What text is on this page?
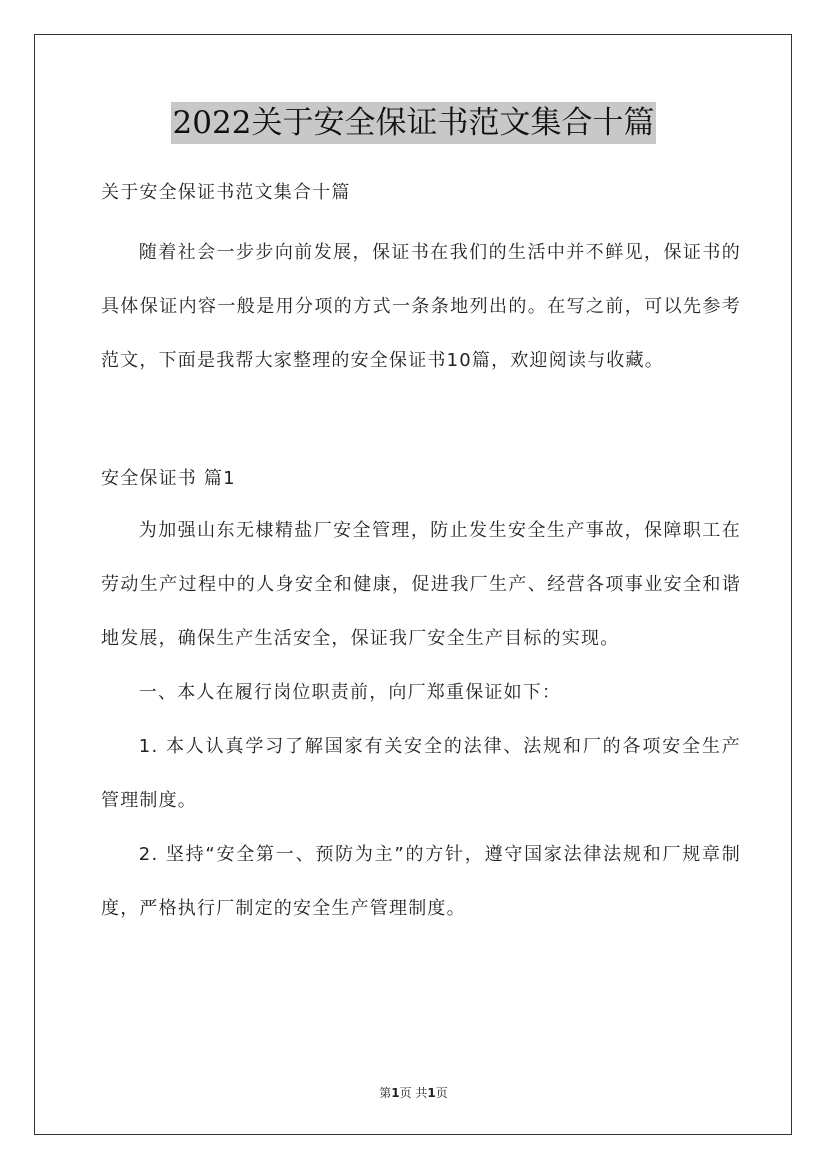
2022关于安全保证书范文集合十篇

关于安全保证书范文集合十篇

随着社会一步步向前发展，保证书在我们的生活中并不鲜见，保证书的具体保证内容一般是用分项的方式一条条地列出的。在写之前，可以先参考范文，下面是我帮大家整理的安全保证书10篇，欢迎阅读与收藏。

安全保证书 篇1

为加强山东无棣精盐厂安全管理，防止发生安全生产事故，保障职工在劳动生产过程中的人身安全和健康，促进我厂生产、经营各项事业安全和谐地发展，确保生产生活安全，保证我厂安全生产目标的实现。

一、本人在履行岗位职责前，向厂郑重保证如下：

1. 本人认真学习了解国家有关安全的法律、法规和厂的各项安全生产管理制度。

2. 坚持“安全第一、预防为主”的方针，遵守国家法律法规和厂规章制度，严格执行厂制定的安全生产管理制度。

第1页 共1页
